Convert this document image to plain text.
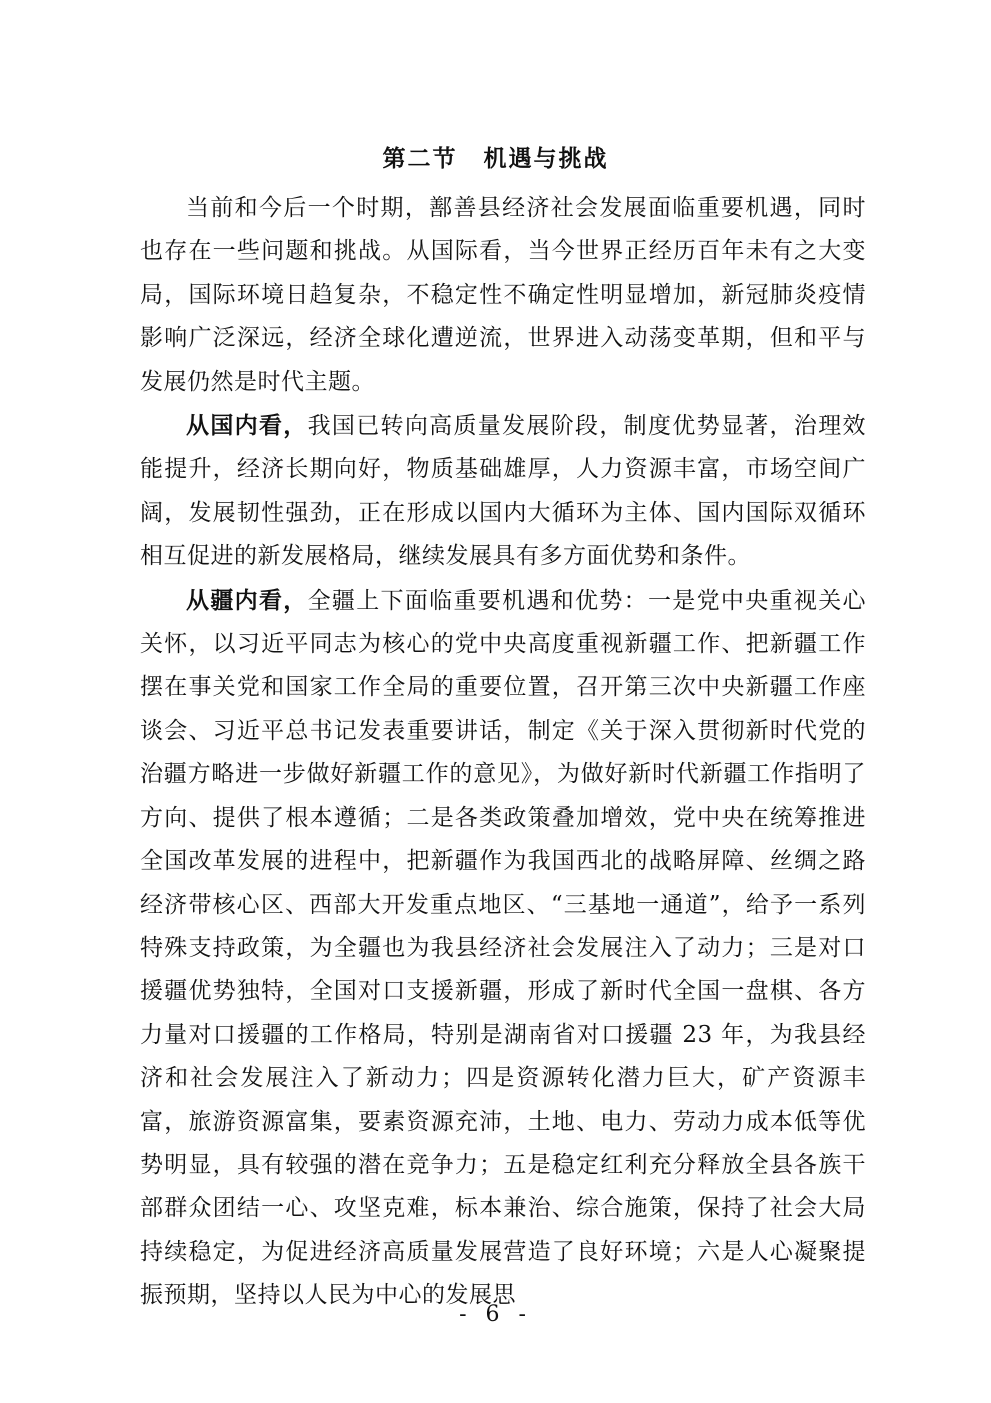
第二节 机遇与挑战

当前和今后一个时期，鄯善县经济社会发展面临重要机遇，同时也存在一些问题和挑战。从国际看，当今世界正经历百年未有之大变局，国际环境日趋复杂，不稳定性不确定性明显增加，新冠肺炎疫情影响广泛深远，经济全球化遭逆流，世界进入动荡变革期，但和平与发展仍然是时代主题。

从国内看，我国已转向高质量发展阶段，制度优势显著，治理效能提升，经济长期向好，物质基础雄厚，人力资源丰富，市场空间广阔，发展韧性强劲，正在形成以国内大循环为主体、国内国际双循环相互促进的新发展格局，继续发展具有多方面优势和条件。

从疆内看，全疆上下面临重要机遇和优势：一是党中央重视关心关怀，以习近平同志为核心的党中央高度重视新疆工作、把新疆工作摆在事关党和国家工作全局的重要位置，召开第三次中央新疆工作座谈会、习近平总书记发表重要讲话，制定《关于深入贯彻新时代党的治疆方略进一步做好新疆工作的意见》，为做好新时代新疆工作指明了方向、提供了根本遵循；二是各类政策叠加增效，党中央在统筹推进全国改革发展的进程中，把新疆作为我国西北的战略屏障、丝绸之路经济带核心区、西部大开发重点地区、“三基地一通道”，给予一系列特殊支持政策，为全疆也为我县经济社会发展注入了动力；三是对口援疆优势独特，全国对口支援新疆，形成了新时代全国一盘棋、各方力量对口援疆的工作格局，特别是湖南省对口援疆 23 年，为我县经济和社会发展注入了新动力；四是资源转化潜力巨大，矿产资源丰富，旅游资源富集，要素资源充沛，土地、电力、劳动力成本低等优势明显，具有较强的潜在竞争力；五是稳定红利充分释放全县各族干部群众团结一心、攻坚克难，标本兼治、综合施策，保持了社会大局持续稳定，为促进经济高质量发展营造了良好环境；六是人心凝聚提振预期，坚持以人民为中心的发展思

- 6 -
